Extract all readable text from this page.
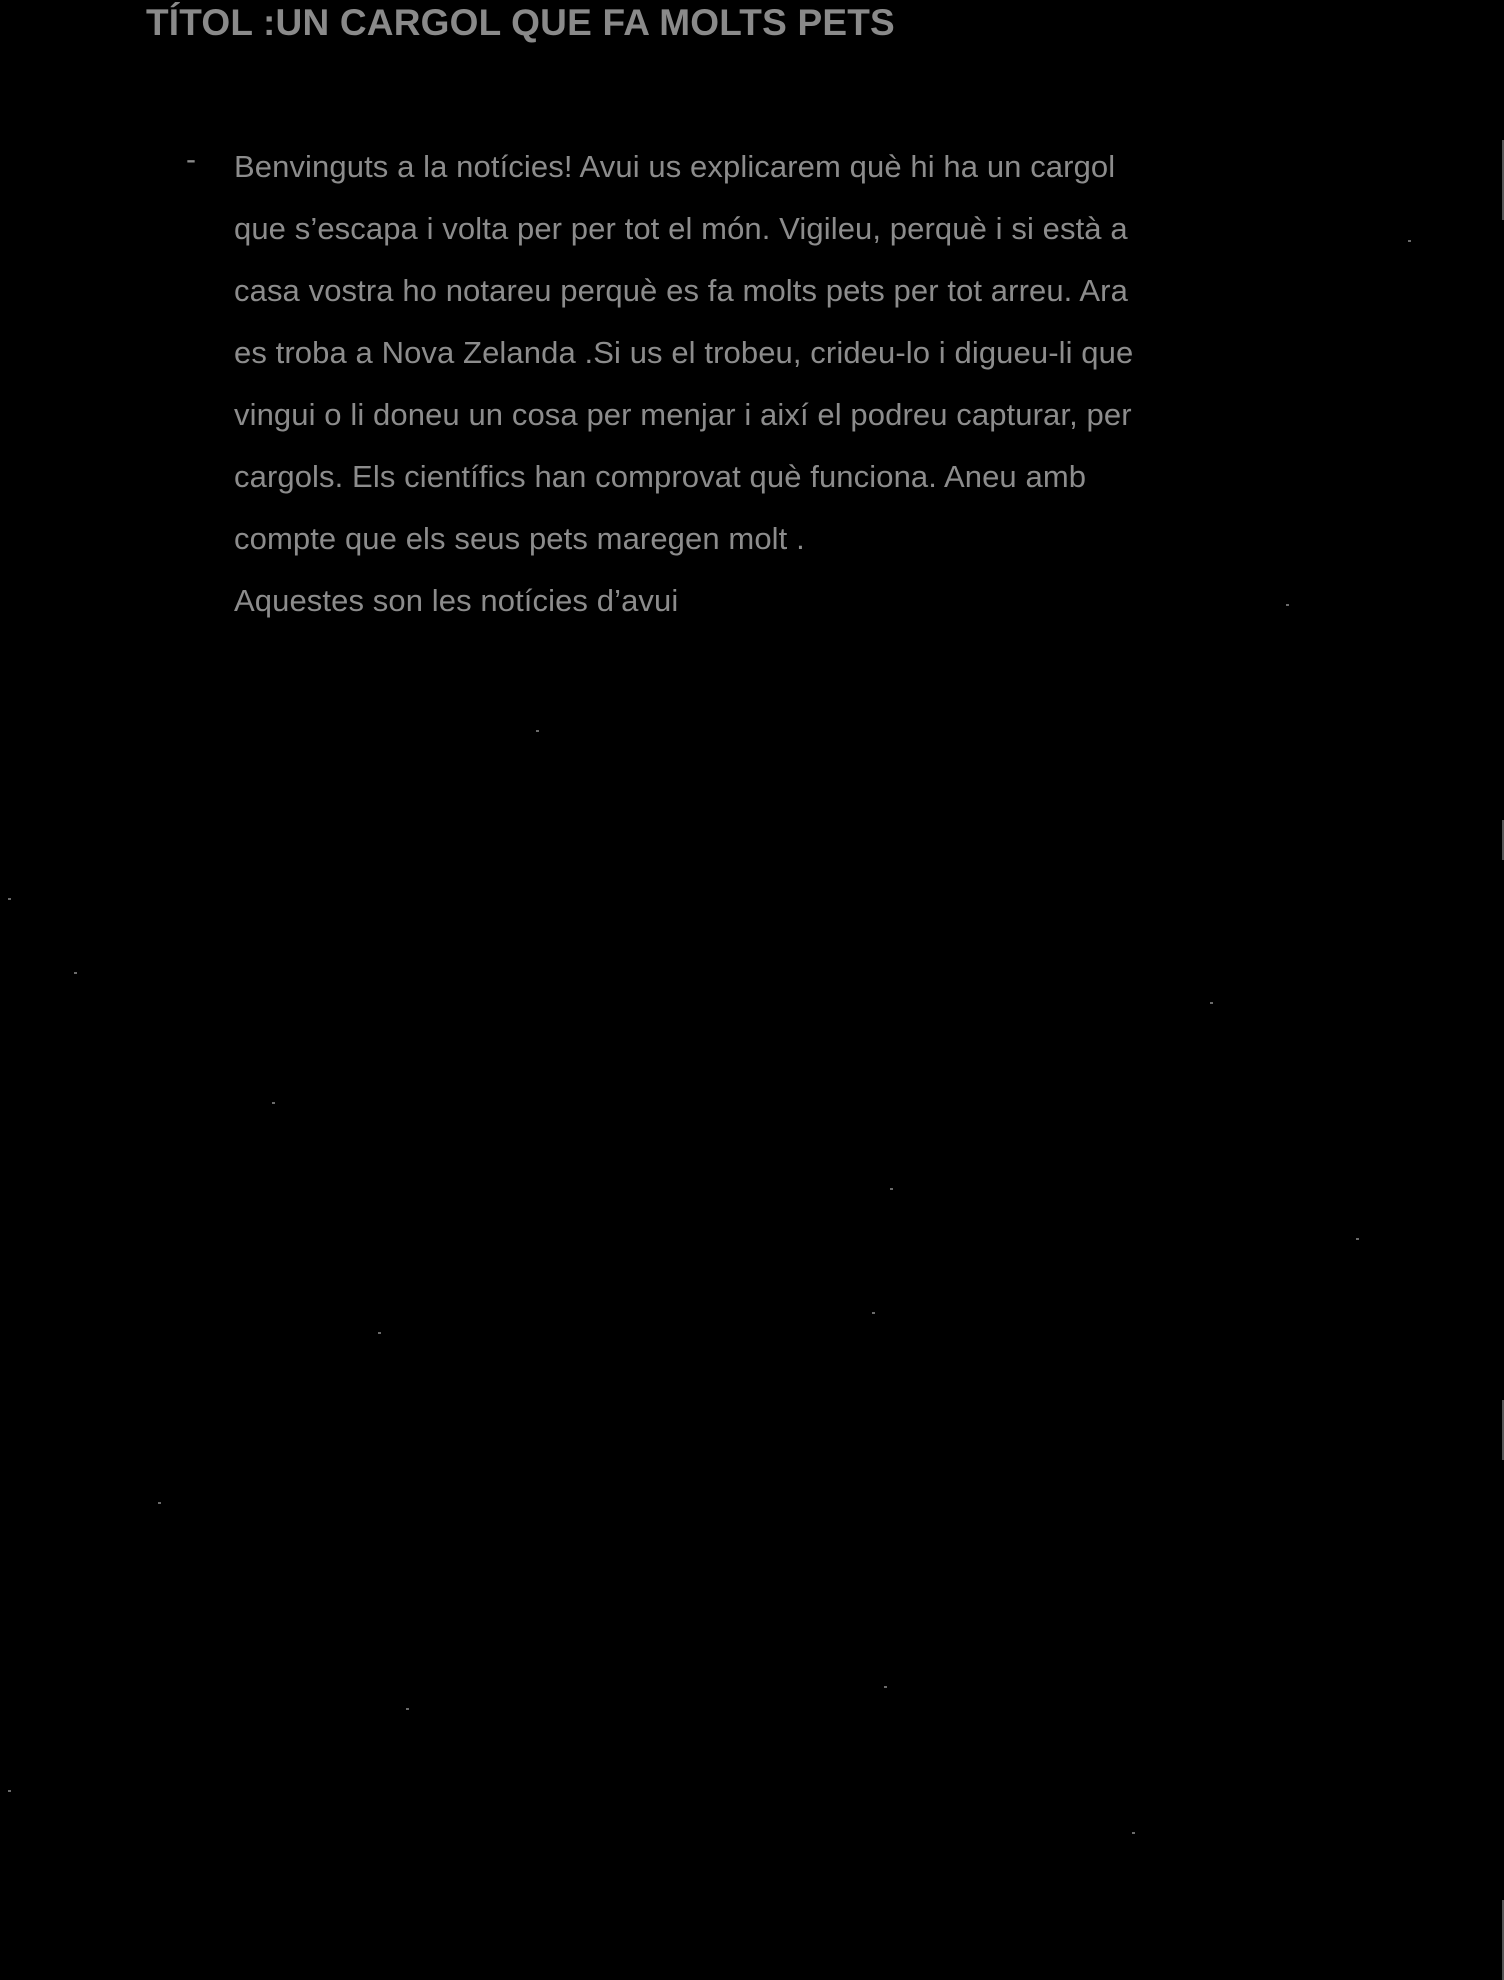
TÍTOL :UN CARGOL QUE FA MOLTS PETS
- Benvinguts a la notícies! Avui us explicarem què hi ha un cargol
que s’escapa i volta per per tot el món. Vigileu, perquè i si està a
casa vostra ho notareu perquè es fa molts pets per tot arreu. Ara
es troba a Nova Zelanda .Si us el trobeu, crideu-lo i digueu-li que
vingui o li doneu un cosa per menjar i així el podreu capturar, per
cargols. Els científics han comprovat què funciona. Aneu amb
compte que els seus pets maregen molt .
Aquestes son les notícies d’avui
